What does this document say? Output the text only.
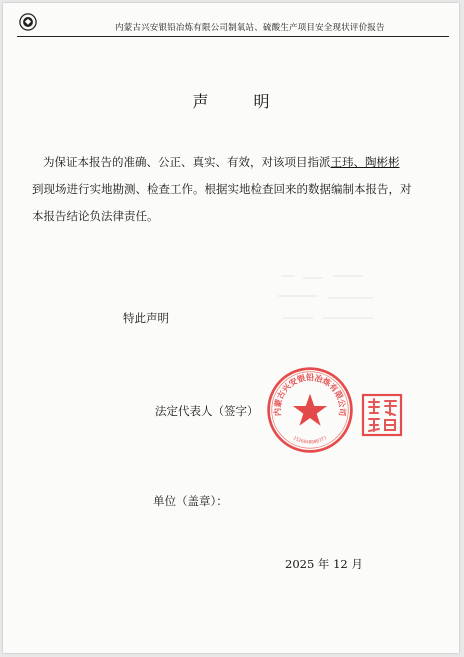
内蒙古兴安银铅冶炼有限公司制氧站、硫酸生产项目安全现状评价报告
声 明
为保证本报告的准确、公正、真实、有效，对该项目指派王玮、陶彬彬
到现场进行实地勘测、检查工作。根据实地检查回来的数据编制本报告，对
本报告结论负法律责任。
特此声明
法定代表人（签字） 内蒙古兴安银铅冶炼有限公司
1526040000777
单位（盖章）：
2025 年 12 月
